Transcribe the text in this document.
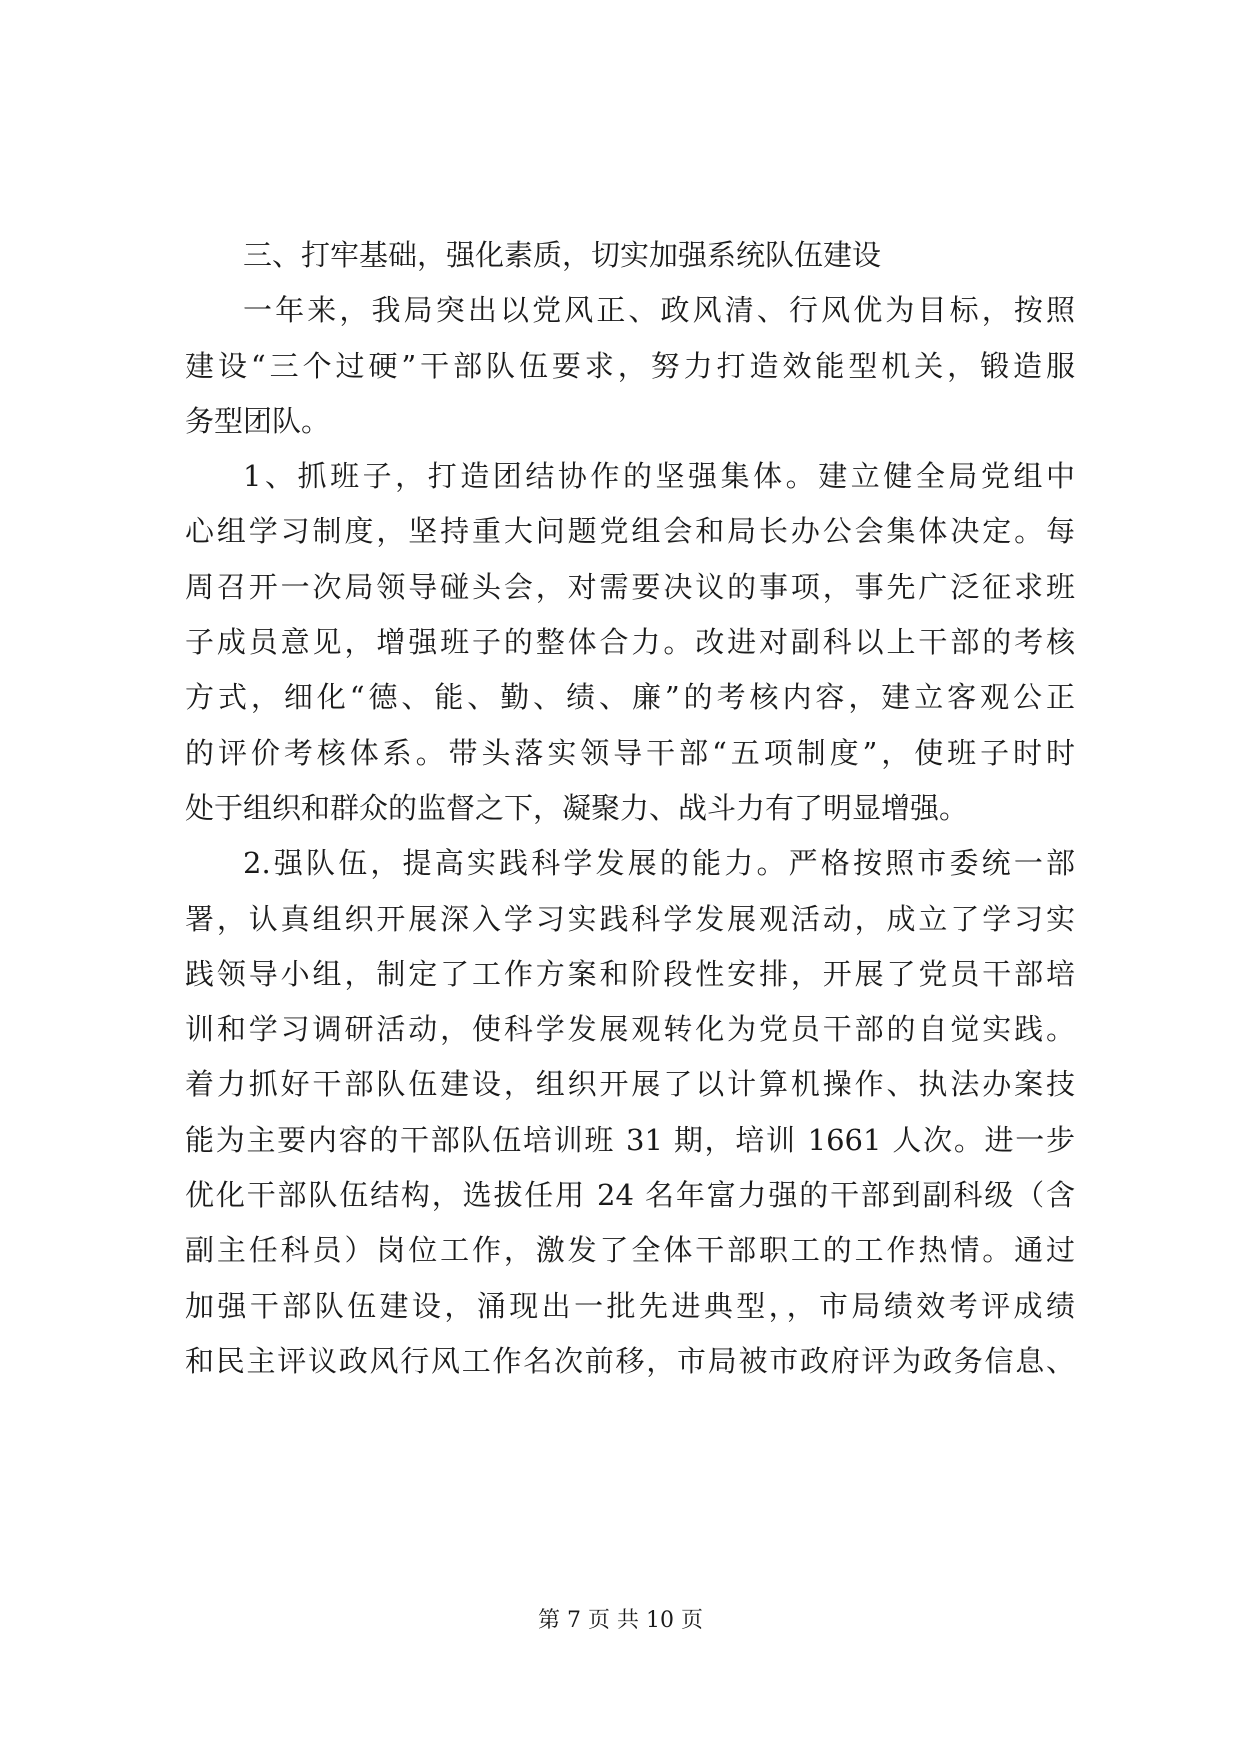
三、打牢基础，强化素质，切实加强系统队伍建设
一年来，我局突出以党风正、政风清、行风优为目标，按照
建设“三个过硬”干部队伍要求，努力打造效能型机关，锻造服
务型团队。
1、抓班子，打造团结协作的坚强集体。建立健全局党组中
心组学习制度，坚持重大问题党组会和局长办公会集体决定。每
周召开一次局领导碰头会，对需要决议的事项，事先广泛征求班
子成员意见，增强班子的整体合力。改进对副科以上干部的考核
方式，细化“德、能、勤、绩、廉”的考核内容，建立客观公正
的评价考核体系。带头落实领导干部“五项制度”，使班子时时
处于组织和群众的监督之下，凝聚力、战斗力有了明显增强。
2.强队伍，提高实践科学发展的能力。严格按照市委统一部
署，认真组织开展深入学习实践科学发展观活动，成立了学习实
践领导小组，制定了工作方案和阶段性安排，开展了党员干部培
训和学习调研活动，使科学发展观转化为党员干部的自觉实践。
着力抓好干部队伍建设，组织开展了以计算机操作、执法办案技
能为主要内容的干部队伍培训班 31 期，培训 1661 人次。进一步
优化干部队伍结构，选拔任用 24 名年富力强的干部到副科级（含
副主任科员）岗位工作，激发了全体干部职工的工作热情。通过
加强干部队伍建设，涌现出一批先进典型，，市局绩效考评成绩
和民主评议政风行风工作名次前移，市局被市政府评为政务信息、
第 7 页 共 10 页
